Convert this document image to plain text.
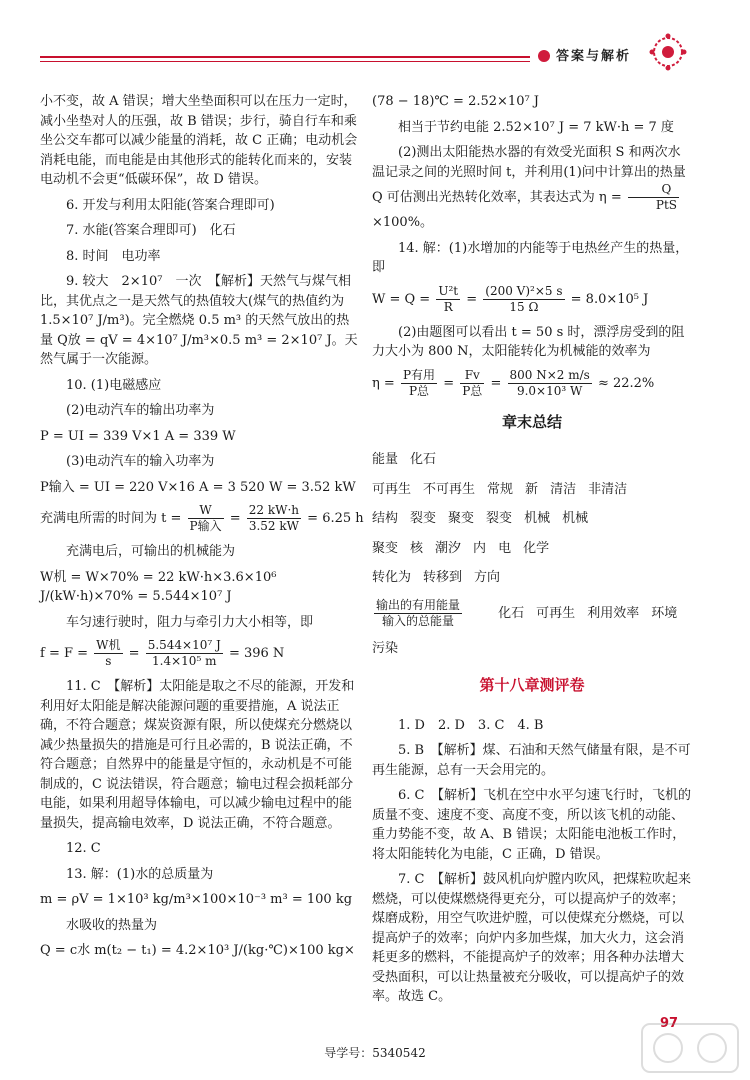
答案与解析

小不变，故 A 错误；增大坐垫面积可以在压力一定时，减小坐垫对人的压强，故 B 错误；步行，骑自行车和乘坐公交车都可以减少能量的消耗，故 C 正确；电动机会消耗电能，而电能是由其他形式的能转化而来的，安装电动机不会更“低碳环保”，故 D 错误。

6. 开发与利用太阳能(答案合理即可)

7. 水能(答案合理即可)　化石

8. 时间　电功率

9. 较大　2×10⁷　一次　【解析】天然气与煤气相比，其优点之一是天然气的热值较大(煤气的热值约为 1.5×10⁷ J/m³)。完全燃烧 0.5 m³ 的天然气放出的热量 Q放 = qV = 4×10⁷ J/m³×0.5 m³ = 2×10⁷ J。天然气属于一次能源。

10. (1)电磁感应

(2)电动汽车的输出功率为

P = UI = 339 V×1 A = 339 W

(3)电动汽车的输入功率为

P输入 = UI = 220 V×16 A = 3 520 W = 3.52 kW

充满电所需的时间为 $t = \frac{W}{\text{P输入}} = \frac{22 kW\cdot h}{3.52 kW} = 6.25$ h

充满电后，可输出的机械能为

W机 = W×70% = 22 kW·h×3.6×10⁶ J/(kW·h)×70% = 5.544×10⁷ J

车匀速行驶时，阻力与牵引力大小相等，即

$f = F = \frac{\text{W机}}{s} = \frac{\text{5.544×10⁷ J}}{\text{1.4×10⁵ m}} = 396$ N

11. C　【解析】太阳能是取之不尽的能源，开发和利用好太阳能是解决能源问题的重要措施，A 说法正确，不符合题意；煤炭资源有限，所以使煤充分燃烧以减少热量损失的措施是可行且必需的，B 说法正确，不符合题意；自然界中的能量是守恒的，永动机是不可能制成的，C 说法错误，符合题意；输电过程会损耗部分电能，如果利用超导体输电，可以减少输电过程中的能量损失，提高输电效率，D 说法正确，不符合题意。

12. C

13. 解：(1)水的总质量为

m = ρV = 1×10³ kg/m³×100×10⁻³ m³ = 100 kg

水吸收的热量为

Q = c水 m(t₂ − t₁) = 4.2×10³ J/(kg·℃)×100 kg×

(78 − 18)℃ = 2.52×10⁷ J

相当于节约电能 2.52×10⁷ J = 7 kW·h = 7 度

(2)测出太阳能热水器的有效受光面积 S 和两次水温记录之间的光照时间 t，并利用(1)问中计算出的热量 Q 可估测出光热转化效率，其表达式为 $\eta = \frac{Q}{\text{PtS}}$
×100%。

14. 解：(1)水增加的内能等于电热丝产生的热量，即

$W = Q = \frac{\text{U²t}}{R} = \frac{\text{(200 V)²×5 s}}{15 \Omega} = 8.0\times 10^5$ J

(2)由题图可以看出 t = 50 s 时，漂浮房受到的阻力大小为 800 N，太阳能转化为机械能的效率为

$\eta = \frac{\text{P有用}}{\text{P总}} = \frac{Fv}{\text{P总}} = \frac{800 N\times 2 m/s}{\text{9.0×10³ W}} \approx 22.2\%$
章末总结
能量 化石
可再生 不可再生 常规 新 清洁 非清洁
结构 裂变 聚变 裂变 机械 机械
聚变 核 潮汐 内 电 化学
转化为 转移到 方向
$\frac{\text{输出的有用能量}}{\text{输入的总能量}}$ 化石 可再生 利用效率 环境
污染
第十八章测评卷

1. D　2. D　3. C　4. B

5. B　【解析】煤、石油和天然气储量有限，是不可再生能源，总有一天会用完的。

6. C　【解析】飞机在空中水平匀速飞行时，飞机的质量不变、速度不变、高度不变，所以该飞机的动能、重力势能不变，故 A、B 错误；太阳能电池板工作时，将太阳能转化为电能，C 正确，D 错误。

7. C　【解析】鼓风机向炉膛内吹风，把煤粒吹起来燃烧，可以使煤燃烧得更充分，可以提高炉子的效率；煤磨成粉，用空气吹进炉膛，可以使煤充分燃烧，可以提高炉子的效率；向炉内多加些煤，加大火力，这会消耗更多的燃料，不能提高炉子的效率；用各种办法增大受热面积，可以让热量被充分吸收，可以提高炉子的效率。故选 C。

97
导学号：5340542
